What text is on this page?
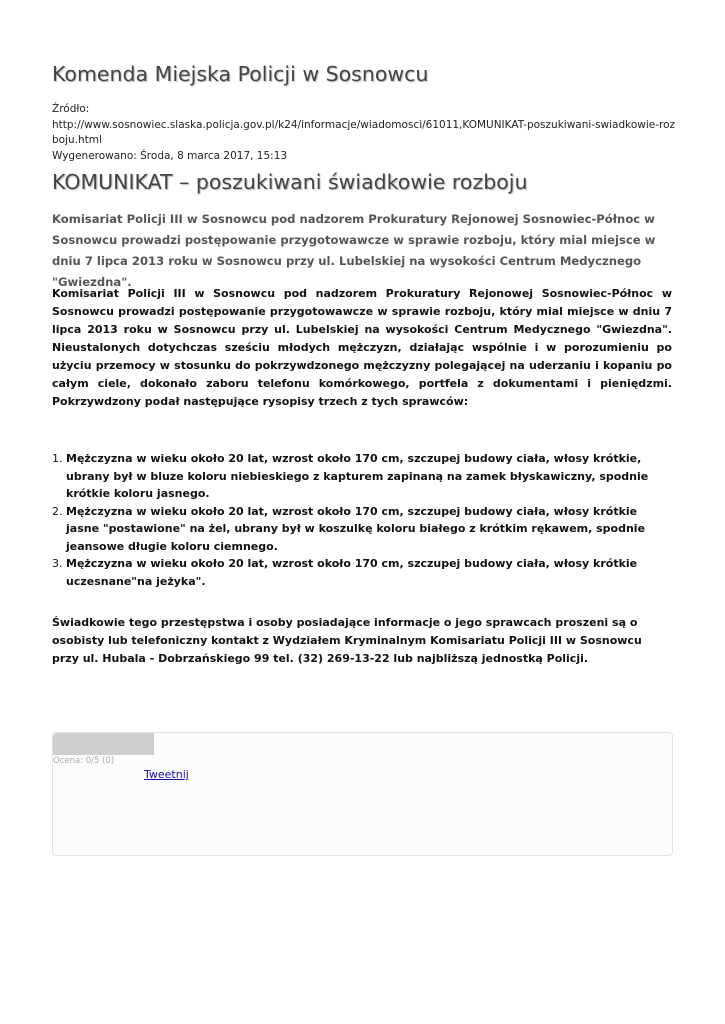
Komenda Miejska Policji w Sosnowcu
Źródło:
http://www.sosnowiec.slaska.policja.gov.pl/k24/informacje/wiadomosci/61011,KOMUNIKAT-poszukiwani-swiadkowie-rozboju.html
Wygenerowano: Środa, 8 marca 2017, 15:13
KOMUNIKAT – poszukiwani świadkowie rozboju
Komisariat Policji III w Sosnowcu pod nadzorem Prokuratury Rejonowej Sosnowiec-Północ w Sosnowcu prowadzi postępowanie przygotowawcze w sprawie rozboju, który mial miejsce w dniu 7 lipca 2013 roku w Sosnowcu przy ul. Lubelskiej na wysokości Centrum Medycznego "Gwiezdna".
Komisariat Policji III w Sosnowcu pod nadzorem Prokuratury Rejonowej Sosnowiec-Północ w Sosnowcu prowadzi postępowanie przygotowawcze w sprawie rozboju, który mial miejsce w dniu 7 lipca 2013 roku w Sosnowcu przy ul. Lubelskiej na wysokości Centrum Medycznego "Gwiezdna". Nieustalonych dotychczas sześciu młodych mężczyzn, działając wspólnie i w porozumieniu po użyciu przemocy w stosunku do pokrzywdzonego mężczyzny polegającej na uderzaniu i kopaniu po całym ciele, dokonało zaboru telefonu komórkowego, portfela z dokumentami i pieniędzmi. Pokrzywdzony podał następujące rysopisy trzech z tych sprawców:
1. Mężczyzna w wieku około 20 lat, wzrost około 170 cm, szczupej budowy ciała, włosy krótkie, ubrany był w bluze koloru niebieskiego z kapturem zapinaną na zamek błyskawiczny, spodnie krótkie koloru jasnego.
2. Mężczyzna w wieku około 20 lat, wzrost około 170 cm, szczupej budowy ciała, włosy krótkie jasne "postawione" na żel, ubrany był w koszulkę koloru białego z krótkim rękawem, spodnie jeansowe długie koloru ciemnego.
3. Mężczyzna w wieku około 20 lat, wzrost około 170 cm, szczupej budowy ciała, włosy krótkie uczesnane"na jeżyka".
Świadkowie tego przestępstwa i osoby posiadające informacje o jego sprawcach proszeni są o osobisty lub telefoniczny kontakt z Wydziałem Kryminalnym Komisariatu Policji III w Sosnowcu przy ul. Hubala - Dobrzańskiego 99 tel. (32) 269-13-22 lub najbliższą jednostką Policji.
Ocena: 0/5 (0)
Tweetnij
